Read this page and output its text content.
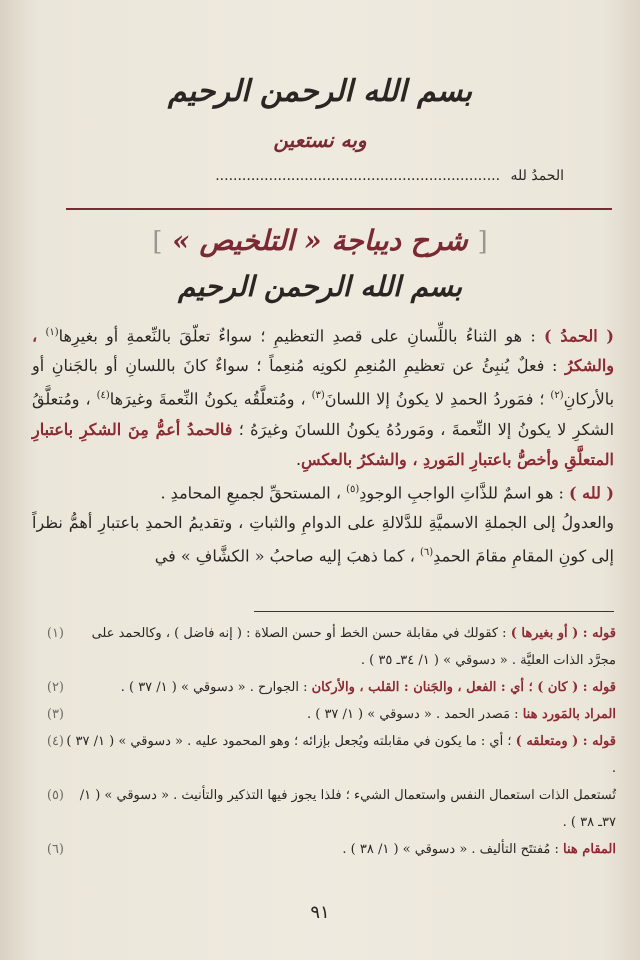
بسم الله الرحمن الرحيم
وبه نستعين
الحمدُ لله ................................................................
[ شرح ديباجة « التلخيص » ]
بسم الله الرحمن الرحيم

( الحمدُ ) : هو الثناءُ باللِّسانِ على قصدِ التعظيمِ ؛ سواءٌ تعلّقَ بالنِّعمةِ أو بغيرِها$^{(١)}$ ، والشكرُ : فعلٌ يُنبِئُ عن تعظيمِ المُنعِمِ لكونِه مُنعِماً ؛ سواءٌ كانَ باللسانِ أو بالجَنانِ أو بالأركانِ$^{(٢)}$ ؛ فمَوردُ الحمدِ لا يكونُ إلا اللسانَ$^{(٣)}$ ، ومُتعلَّقُه يكونُ النِّعمةَ وغيرَها$^{(٤)}$ ، ومُتعلَّقُ الشكرِ لا يكونُ إلا النِّعمةَ ، ومَوردُهُ يكونُ اللسانَ وغيرَهُ ؛ فالحمدُ أعمُّ مِنَ الشكرِ باعتبارِ المتعلَّقِ وأخصُّ باعتبارِ المَوردِ ، والشكرُ بالعكسِ.

( لله ) : هو اسمٌ للذَّاتِ الواجبِ الوجودِ$^{(٥)}$ ، المستحقِّ لجميعِ المحامدِ .

والعدولُ إلى الجملةِ الاسميَّةِ للدَّلالةِ على الدوامِ والثباتِ ، وتقديمُ الحمدِ باعتبارِ أهمُّ نظراً إلى كونِ المقامِ مقامَ الحمدِ$^{(٦)}$ ، كما ذهبَ إليه صاحبُ « الكشَّافِ » في

قوله : ( أو بغيرها ) : كقولك في مقابلة حسن الخط أو حسن الصلاة : ( إنه فاضل ) ، وكالحمد على مجرَّد الذات العليَّة . « دسوقي » ( ١/ ٣٤ـ ٣٥ ) .
(١)
قوله : ( كان ) ؛ أي : الفعل ، والجَنان : القلب ، والأركان : الجوارح . « دسوقي » ( ١/ ٣٧ ) .
(٢)
المراد بالمَورد هنا : مَصدر الحمد . « دسوقي » ( ١/ ٣٧ ) .
(٣)
قوله : ( ومتعلقه ) ؛ أي : ما يكون في مقابلته ويُجعل بإزائه ؛ وهو المحمود عليه . « دسوقي » ( ١/ ٣٧ ) .
(٤)
تُستعمل الذات استعمال النفس واستعمال الشيء ؛ فلذا يجوز فيها التذكير والتأنيث . « دسوقي » ( ١/ ٣٧ـ ٣٨ ) .
(٥)
المقام هنا : مُفتتَح التأليف . « دسوقي » ( ١/ ٣٨ ) .
(٦)
٩١
